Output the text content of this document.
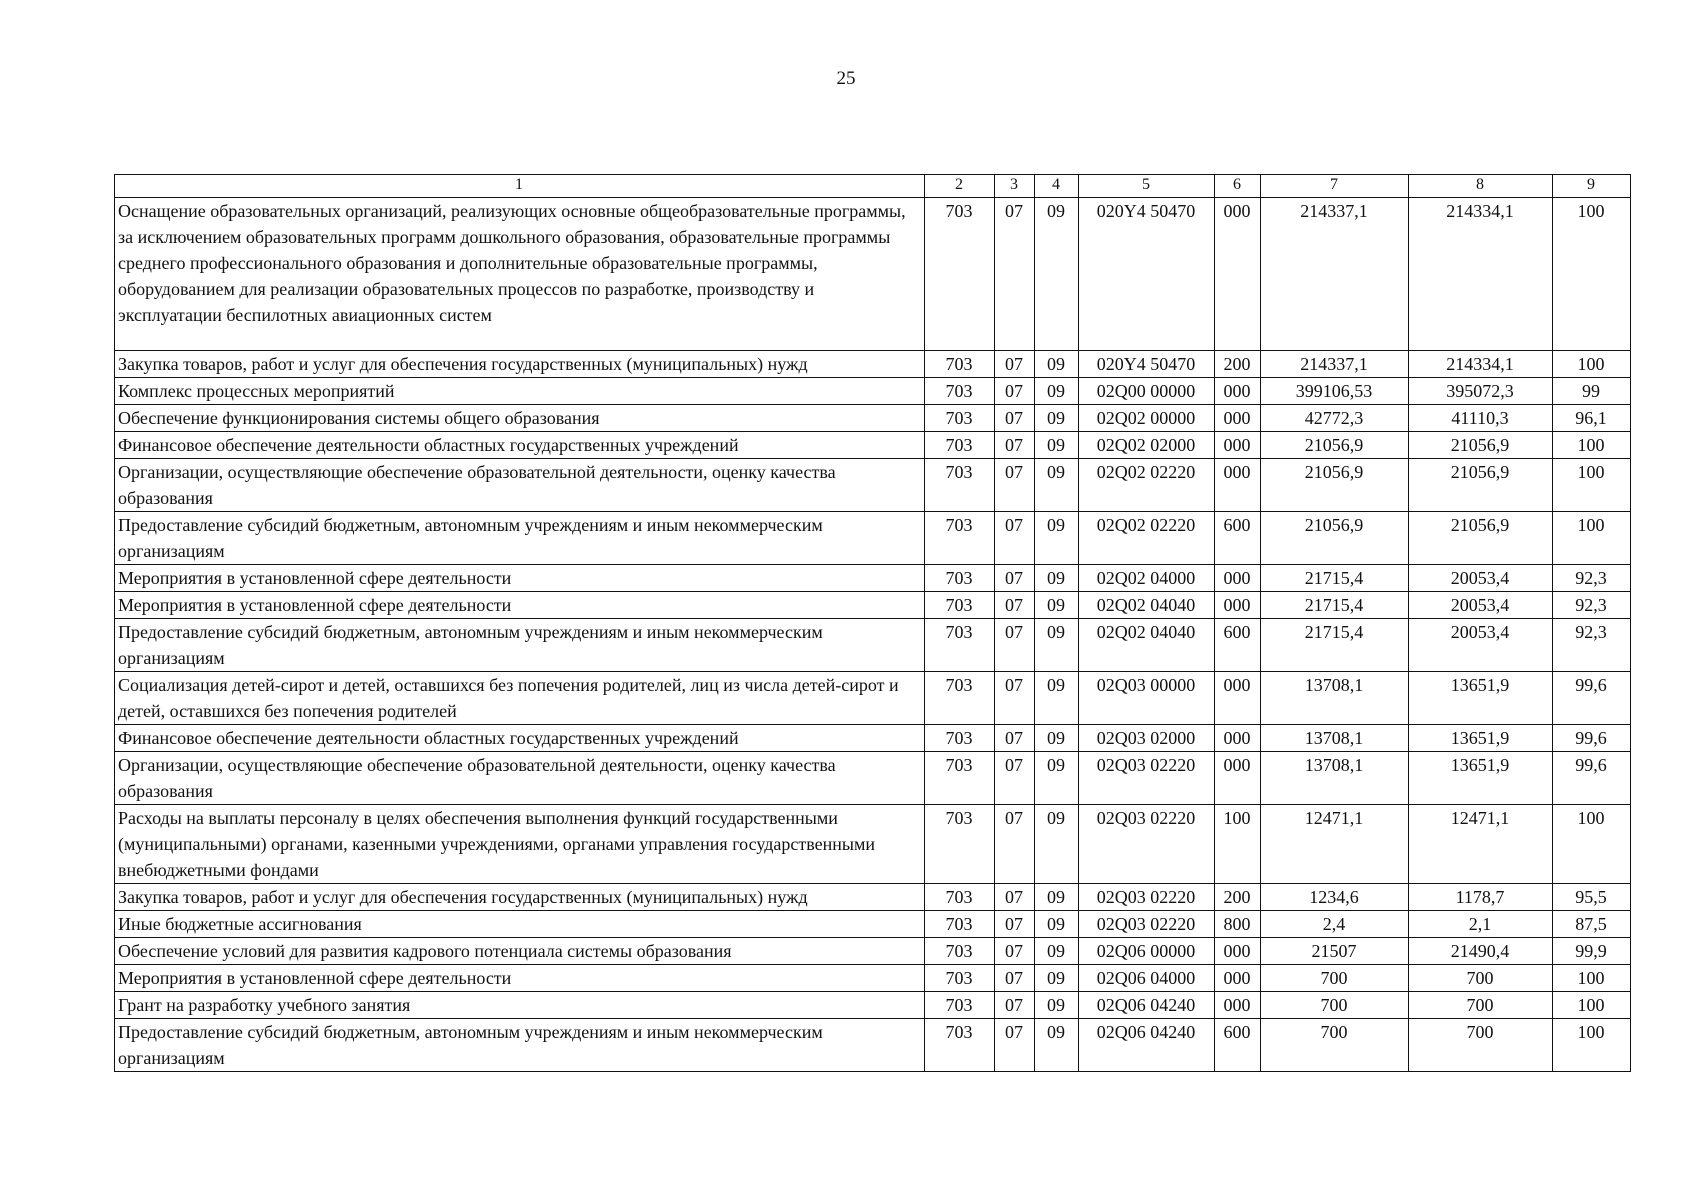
25
1	2	3	4	5	6	7	8	9
Оснащение образовательных организаций, реализующих основные общеобразовательные программы, за исключением образовательных программ дошкольного образования, образовательные программы среднего профессионального образования и дополнительные образовательные программы, оборудованием для реализации образовательных процессов по разработке, производству и эксплуатации беспилотных авиационных систем	703	07	09	020Y4 50470	000	214337,1	214334,1	100
Закупка товаров, работ и услуг для обеспечения государственных (муниципальных) нужд	703	07	09	020Y4 50470	200	214337,1	214334,1	100
Комплекс процессных мероприятий	703	07	09	02Q00 00000	000	399106,53	395072,3	99
Обеспечение функционирования системы общего образования	703	07	09	02Q02 00000	000	42772,3	41110,3	96,1
Финансовое обеспечение деятельности областных государственных учреждений	703	07	09	02Q02 02000	000	21056,9	21056,9	100
Организации, осуществляющие обеспечение образовательной деятельности, оценку качества образования	703	07	09	02Q02 02220	000	21056,9	21056,9	100
Предоставление субсидий бюджетным, автономным учреждениям и иным некоммерческим организациям	703	07	09	02Q02 02220	600	21056,9	21056,9	100
Мероприятия в установленной сфере деятельности	703	07	09	02Q02 04000	000	21715,4	20053,4	92,3
Мероприятия в установленной сфере деятельности	703	07	09	02Q02 04040	000	21715,4	20053,4	92,3
Предоставление субсидий бюджетным, автономным учреждениям и иным некоммерческим организациям	703	07	09	02Q02 04040	600	21715,4	20053,4	92,3
Социализация детей-сирот и детей, оставшихся без попечения родителей, лиц из числа детей-сирот и детей, оставшихся без попечения родителей	703	07	09	02Q03 00000	000	13708,1	13651,9	99,6
Финансовое обеспечение деятельности областных государственных учреждений	703	07	09	02Q03 02000	000	13708,1	13651,9	99,6
Организации, осуществляющие обеспечение образовательной деятельности, оценку качества образования	703	07	09	02Q03 02220	000	13708,1	13651,9	99,6
Расходы на выплаты персоналу в целях обеспечения выполнения функций государственными (муниципальными) органами, казенными учреждениями, органами управления государственными внебюджетными фондами	703	07	09	02Q03 02220	100	12471,1	12471,1	100
Закупка товаров, работ и услуг для обеспечения государственных (муниципальных) нужд	703	07	09	02Q03 02220	200	1234,6	1178,7	95,5
Иные бюджетные ассигнования	703	07	09	02Q03 02220	800	2,4	2,1	87,5
Обеспечение условий для развития кадрового потенциала системы образования	703	07	09	02Q06 00000	000	21507	21490,4	99,9
Мероприятия в установленной сфере деятельности	703	07	09	02Q06 04000	000	700	700	100
Грант на разработку учебного занятия	703	07	09	02Q06 04240	000	700	700	100
Предоставление субсидий бюджетным, автономным учреждениям и иным некоммерческим организациям	703	07	09	02Q06 04240	600	700	700	100
